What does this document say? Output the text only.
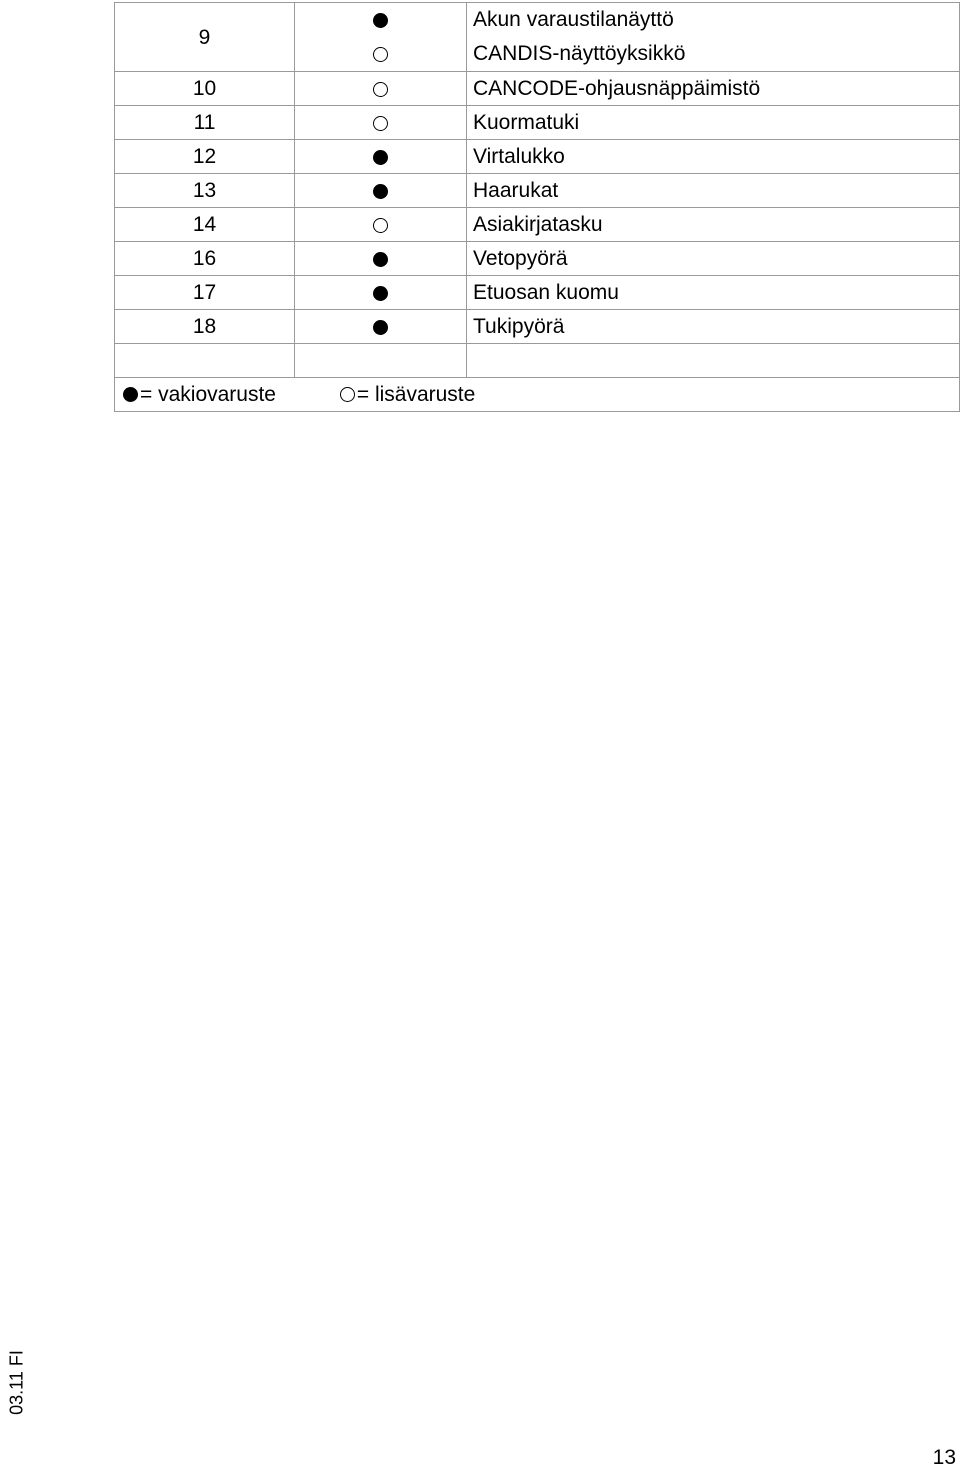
9		Akun varaustilanäyttö
CANDIS-näyttöyksikkö

10		CANCODE-ohjausnäppäimistö
11		Kuormatuki
12		Virtalukko
13		Haarukat
14		Asiakirjatasku
16		Vetopyörä
17		Etuosan kuomu
18		Tukipyörä

= vakiovaruste
= lisävaruste		
03.11 FI
13
